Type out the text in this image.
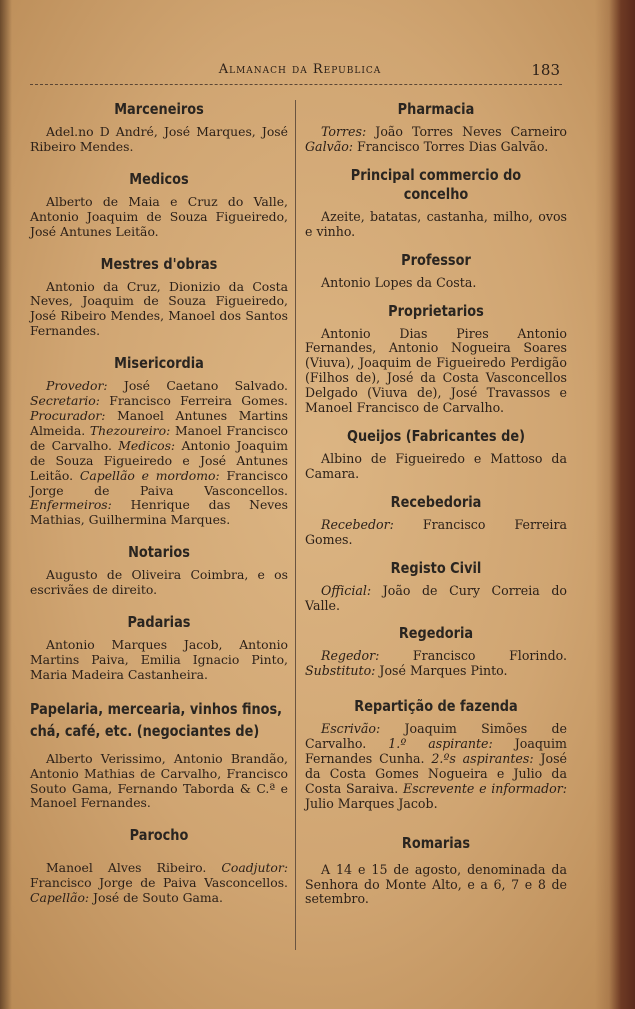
Almanach da Republica	183
Marceneiros

Adel.no D André, José Marques, José Ribeiro Mendes.

Medicos

Alberto de Maia e Cruz do Valle, Antonio Joaquim de Souza Figueiredo, José Antunes Leitão.

Mestres d'obras

Antonio da Cruz, Dionizio da Costa Neves, Joaquim de Souza Figueiredo, José Ribeiro Mendes, Manoel dos Santos Fernandes.

Misericordia

Provedor: José Caetano Salvado. Secretario: Francisco Ferreira Gomes. Procurador: Manoel Antunes Martins Almeida. Thezoureiro: Manoel Francisco de Carvalho. Medicos: Antonio Joaquim de Souza Figueiredo e José Antunes Leitão. Capellão e mordomo: Francisco Jorge de Paiva Vasconcellos. Enfermeiros: Henrique das Neves Mathias, Guilhermina Marques.

Notarios

Augusto de Oliveira Coimbra, e os escrivães de direito.

Padarias

Antonio Marques Jacob, Antonio Martins Paiva, Emilia Ignacio Pinto, Maria Madeira Castanheira.

Papelaria, mercearia, vinhos finos, chá, café, etc. (negociantes de)

Alberto Verissimo, Antonio Brandão, Antonio Mathias de Carvalho, Francisco Souto Gama, Fernando Taborda & C.ª e Manoel Fernandes.

Parocho

Manoel Alves Ribeiro. Coadjutor: Francisco Jorge de Paiva Vasconcellos. Capellão: José de Souto Gama.

Pharmacia

Torres: João Torres Neves Carneiro Galvão: Francisco Torres Dias Galvão.

Principal commercio do concelho

Azeite, batatas, castanha, milho, ovos e vinho.

Professor

Antonio Lopes da Costa.

Proprietarios

Antonio Dias Pires Antonio Fernandes, Antonio Nogueira Soares (Viuva), Joaquim de Figueiredo Perdigão (Filhos de), José da Costa Vasconcellos Delgado (Viuva de), José Travassos e Manoel Francisco de Carvalho.

Queijos (Fabricantes de)

Albino de Figueiredo e Mattoso da Camara.

Recebedoria

Recebedor: Francisco Ferreira Gomes.

Registo Civil

Official: João de Cury Correia do Valle.

Regedoria

Regedor: Francisco Florindo. Substituto: José Marques Pinto.

Repartição de fazenda

Escrivão: Joaquim Simões de Carvalho. 1.º aspirante: Joaquim Fernandes Cunha. 2.ºs aspirantes: José da Costa Gomes Nogueira e Julio da Costa Saraiva. Escrevente e informador: Julio Marques Jacob.

Romarias

A 14 e 15 de agosto, denominada da Senhora do Monte Alto, e a 6, 7 e 8 de setembro.
